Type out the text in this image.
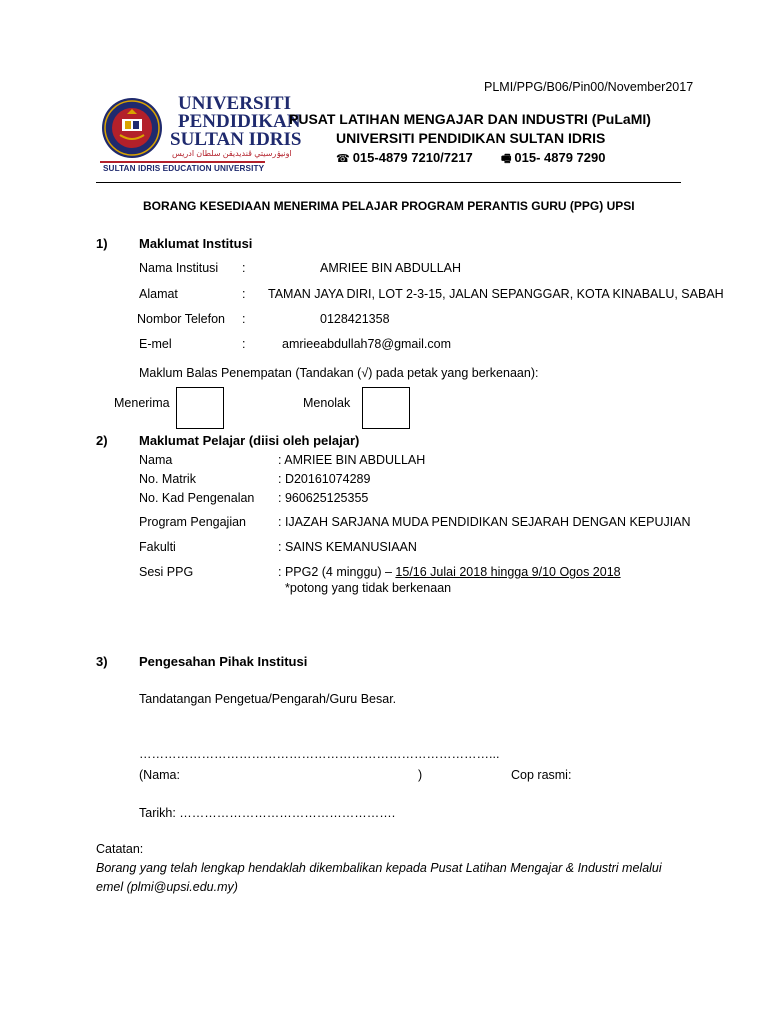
PLMI/PPG/B06/Pin00/November2017
UNIVERSITI
PENDIDIKAN
SULTAN IDRIS
اونيۏرسيتي ڤنديديقن سلطان ادريس
SULTAN IDRIS EDUCATION UNIVERSITY
PUSAT LATIHAN MENGAJAR DAN INDUSTRI (PuLaMI)
UNIVERSITI PENDIDIKAN SULTAN IDRIS
☎ 015-4879 7210/7217	🖷 015- 4879 7290
BORANG KESEDIAAN MENERIMA PELAJAR PROGRAM PERANTIS GURU (PPG) UPSI
1) Maklumat Institusi
Nama Institusi :	AMRIEE BIN ABDULLAH
Alamat	: TAMAN JAYA DIRI, LOT 2-3-15, JALAN SEPANGGAR, KOTA KINABALU, SABAH
Nombor Telefon :	0128421358
E-mel	:	amrieeabdullah78@gmail.com
Maklum Balas Penempatan (Tandakan (√) pada petak yang berkenaan):
Menerima	Menolak
2) Maklumat Pelajar (diisi oleh pelajar)
Nama	: AMRIEE BIN ABDULLAH
No. Matrik	: D20161074289
No. Kad Pengenalan : 960625125355
Program Pengajian	: IJAZAH SARJANA MUDA PENDIDIKAN SEJARAH DENGAN KEPUJIAN
Fakulti	: SAINS KEMANUSIAAN
Sesi PPG	: PPG2 (4 minggu) – 15/16 Julai 2018 hingga 9/10 Ogos 2018
*potong yang tidak berkenaan
3) Pengesahan Pihak Institusi
Tandatangan Pengetua/Pengarah/Guru Besar.
…………………………………………………………………………...
(Nama:	)	Cop rasmi:
Tarikh: …………………………………………….
Catatan:
Borang yang telah lengkap hendaklah dikembalikan kepada Pusat Latihan Mengajar & Industri melalui
emel (plmi@upsi.edu.my)
